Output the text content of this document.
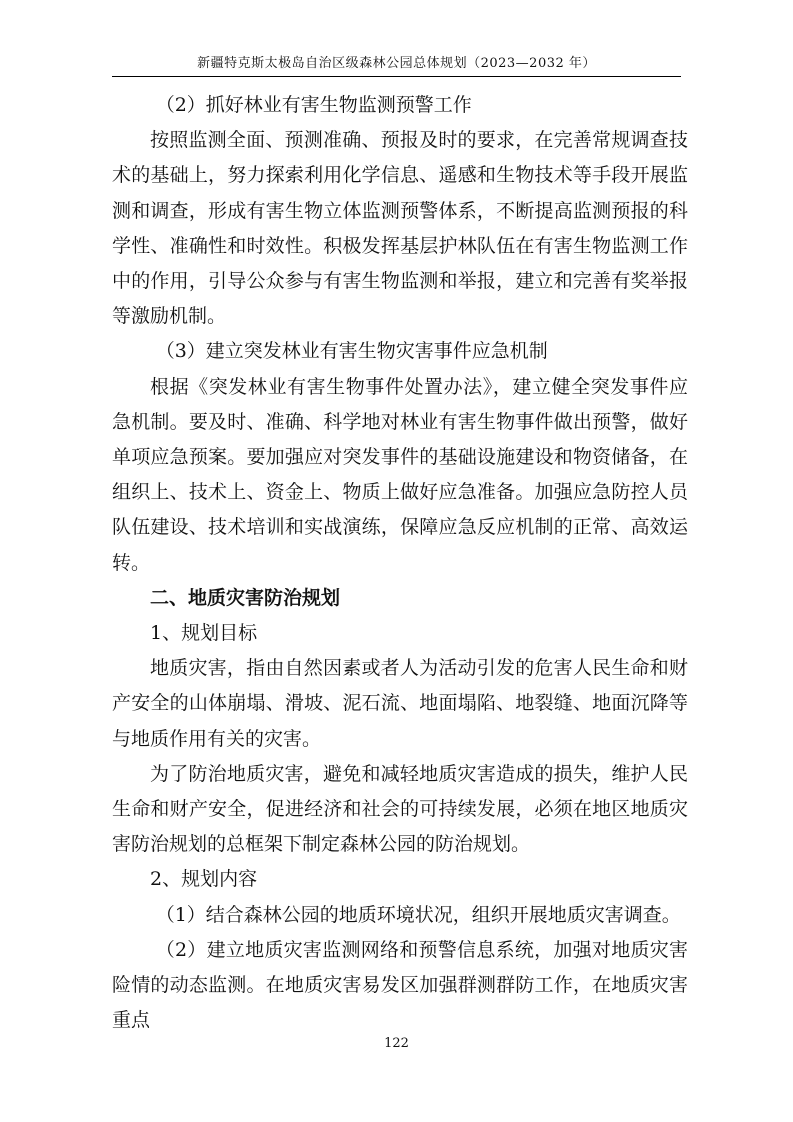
新疆特克斯太极岛自治区级森林公园总体规划（2023—2032 年）

（2）抓好林业有害生物监测预警工作

按照监测全面、预测准确、预报及时的要求，在完善常规调查技术的基础上，努力探索利用化学信息、遥感和生物技术等手段开展监测和调查，形成有害生物立体监测预警体系，不断提高监测预报的科学性、准确性和时效性。积极发挥基层护林队伍在有害生物监测工作中的作用，引导公众参与有害生物监测和举报，建立和完善有奖举报等激励机制。

（3）建立突发林业有害生物灾害事件应急机制

根据《突发林业有害生物事件处置办法》，建立健全突发事件应急机制。要及时、准确、科学地对林业有害生物事件做出预警，做好单项应急预案。要加强应对突发事件的基础设施建设和物资储备，在组织上、技术上、资金上、物质上做好应急准备。加强应急防控人员队伍建设、技术培训和实战演练，保障应急反应机制的正常、高效运转。

二、地质灾害防治规划

1、规划目标

地质灾害，指由自然因素或者人为活动引发的危害人民生命和财产安全的山体崩塌、滑坡、泥石流、地面塌陷、地裂缝、地面沉降等与地质作用有关的灾害。

为了防治地质灾害，避免和减轻地质灾害造成的损失，维护人民生命和财产安全，促进经济和社会的可持续发展，必须在地区地质灾害防治规划的总框架下制定森林公园的防治规划。

2、规划内容

（1）结合森林公园的地质环境状况，组织开展地质灾害调查。

（2）建立地质灾害监测网络和预警信息系统，加强对地质灾害险情的动态监测。在地质灾害易发区加强群测群防工作，在地质灾害重点

122
